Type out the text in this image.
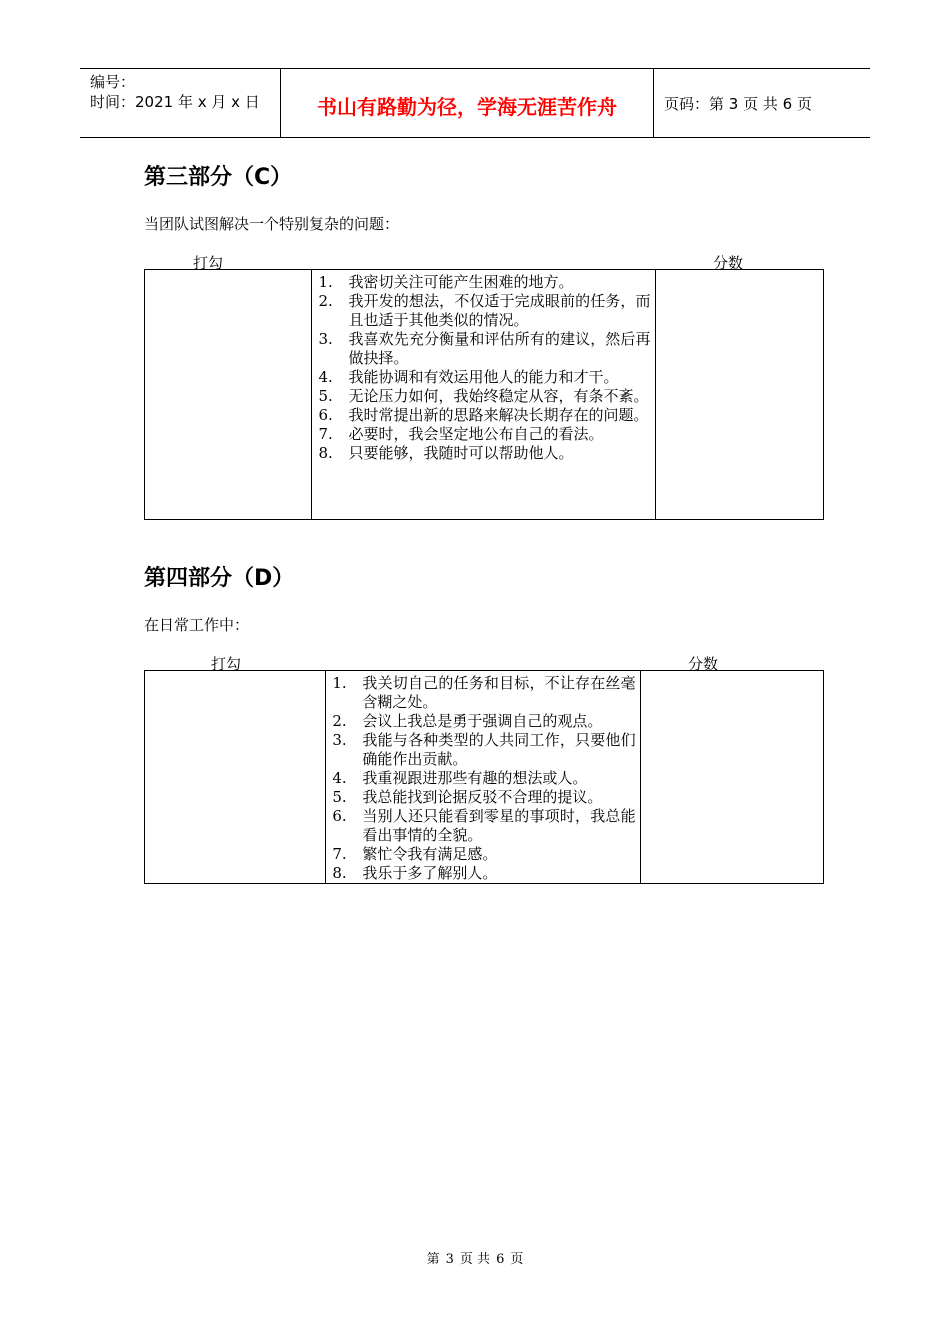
编号：
时间：2021 年 x 月 x 日	书山有路勤为径，学海无涯苦作舟	页码：第 3 页 共 6 页
第三部分（C）
当团队试图解决一个特别复杂的问题：
打勾	分数

1.	我密切关注可能产生困难的地方。
2.	我开发的想法，不仅适于完成眼前的任务，而且也适于其他类似的情况。
3.	我喜欢先充分衡量和评估所有的建议，然后再做抉择。
4.	我能协调和有效运用他人的能力和才干。
5.	无论压力如何，我始终稳定从容，有条不紊。
6.	我时常提出新的思路来解决长期存在的问题。
7.	必要时，我会坚定地公布自己的看法。
8.	只要能够，我随时可以帮助他人。

第四部分（D）
在日常工作中：
打勾	分数

1.	我关切自己的任务和目标，不让存在丝毫含糊之处。
2.	会议上我总是勇于强调自己的观点。
3.	我能与各种类型的人共同工作，只要他们确能作出贡献。
4.	我重视跟进那些有趣的想法或人。
5.	我总能找到论据反驳不合理的提议。
6.	当别人还只能看到零星的事项时，我总能看出事情的全貌。
7.	繁忙令我有满足感。
8.	我乐于多了解别人。

第 3 页 共 6 页
